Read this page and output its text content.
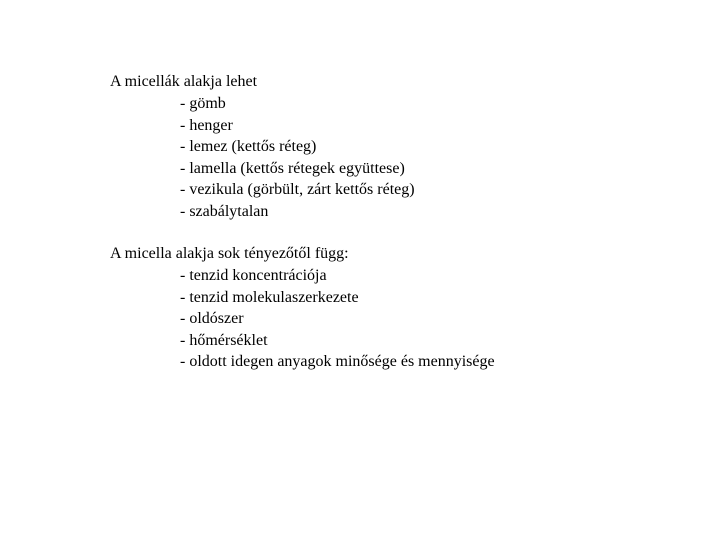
A micellák alakja lehet
- gömb
- henger
- lemez (kettős réteg)
- lamella (kettős rétegek együttese)
- vezikula (görbült, zárt kettős réteg)
- szabálytalan
A micella alakja sok tényezőtől függ:
- tenzid koncentrációja
- tenzid molekulaszerkezete
- oldószer
- hőmérséklet
- oldott idegen anyagok minősége és mennyisége
